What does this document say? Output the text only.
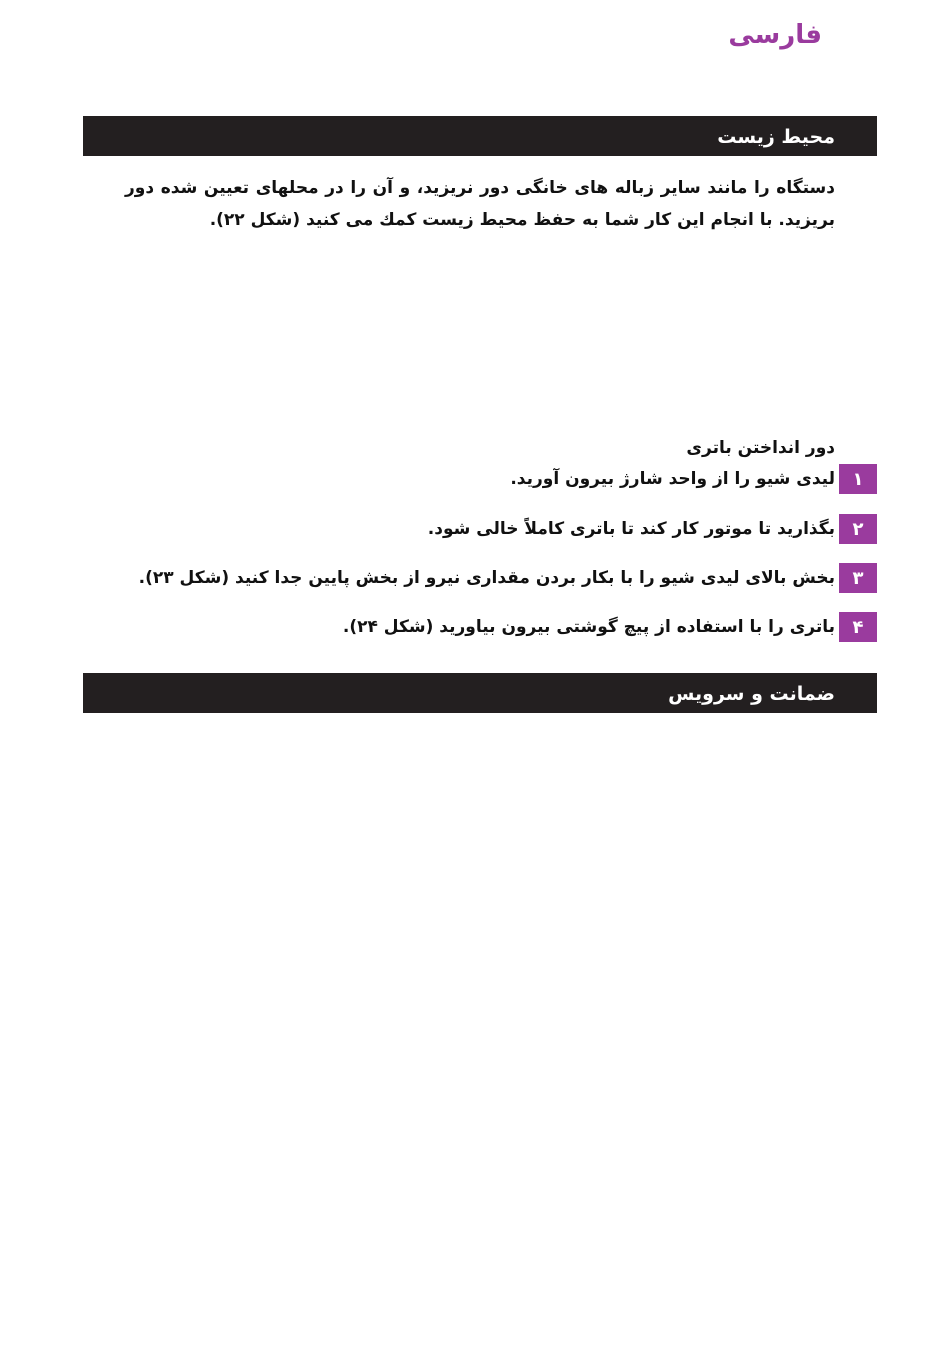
فارسی
محیط زیست

دستگاه را مانند سایر زباله های خانگی دور نریزید، و آن را در محلهای تعیین شده دور بریزید. با انجام این کار شما به حفظ محیط زیست کمك می کنید (شکل ۲۲).

دور انداختن باتری
۱
لیدی شیو را از واحد شارژ بیرون آورید.
۲
بگذارید تا موتور کار کند تا باتری کاملاً خالی شود.
۳
بخش بالای لیدی شیو را با بکار بردن مقداری نیرو از بخش پایین جدا کنید (شکل ۲۳).
۴
باتری را با استفاده از پیچ گوشتی بیرون بیاورید (شکل ۲۴).
ضمانت و سرویس
